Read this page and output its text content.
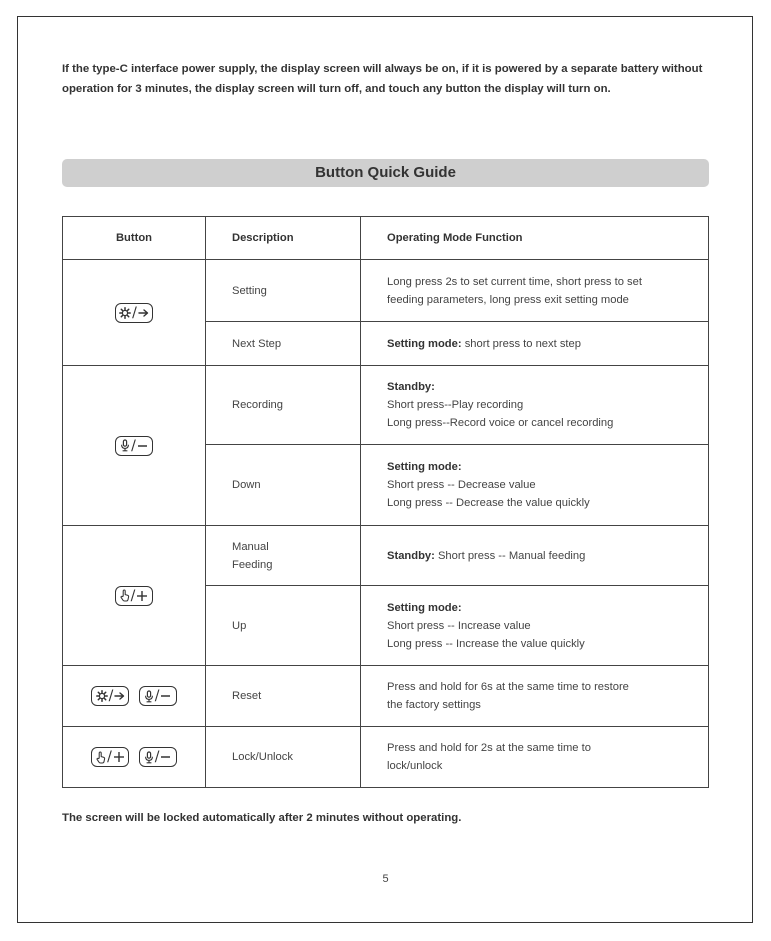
If the type-C interface power supply, the display screen will always be on, if it is powered by a separate battery without operation for 3 minutes, the display screen will turn off, and touch any button the display will turn on.

Button Quick Guide
Button	Description	Operating Mode Function

/	Setting	Long press 2s to set current time, short press to set
feeding parameters, long press exit setting mode

	Next Step	Setting mode: short press to next step

/	Recording	Standby:
Short press--Play recording
Long press--Record voice or cancel recording

	Down	Setting mode:
Short press -- Decrease value
Long press -- Decrease the value quickly

/	Manual
Feeding	Standby: Short press -- Manual feeding
	Up	Setting mode:
Short press -- Increase value
Long press -- Increase the value quickly

/
/	Reset	Press and hold for 6s at the same time to restore
the factory settings

/
/	Lock/Unlock	Press and hold for 2s at the same time to
lock/unlock

The screen will be locked automatically after 2 minutes without operating.

5
